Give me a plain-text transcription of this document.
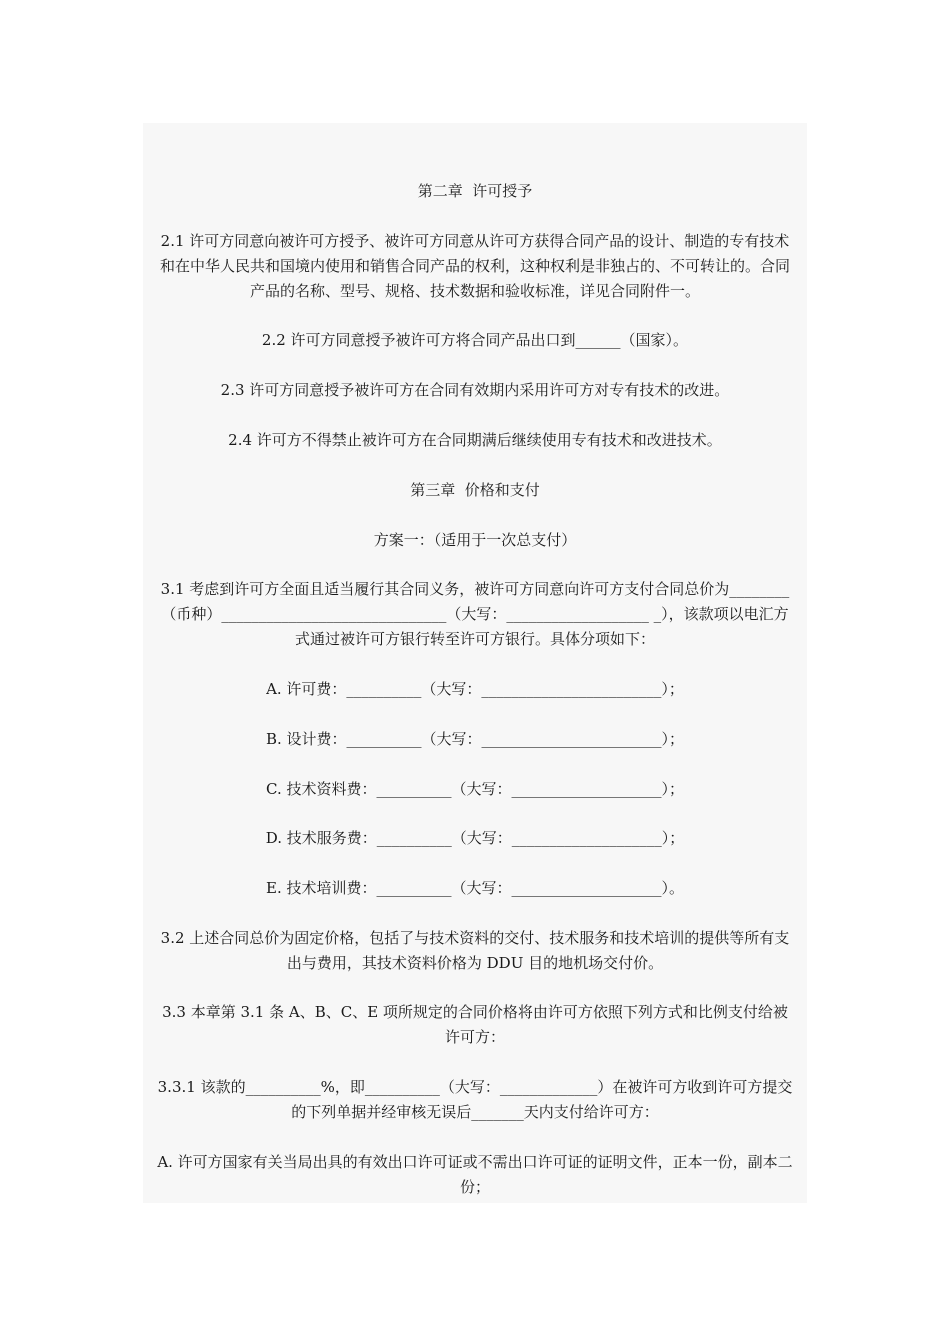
第二章  许可授予

2.1 许可方同意向被许可方授予、被许可方同意从许可方获得合同产品的设计、制造的专有技术和在中华人民共和国境内使用和销售合同产品的权利，这种权利是非独占的、不可转让的。合同产品的名称、型号、规格、技术数据和验收标准，详见合同附件一。

2.2 许可方同意授予被许可方将合同产品出口到______（国家）。

2.3 许可方同意授予被许可方在合同有效期内采用许可方对专有技术的改进。

2.4 许可方不得禁止被许可方在合同期满后继续使用专有技术和改进技术。

第三章  价格和支付

方案一：（适用于一次总支付）

3.1 考虑到许可方全面且适当履行其合同义务，被许可方同意向许可方支付合同总价为________（币种）______________________________（大写：___________________ _），该款项以电汇方式通过被许可方银行转至许可方银行。具体分项如下：

A. 许可费：__________（大写：________________________）；

B. 设计费：__________（大写：________________________）；

C. 技术资料费：__________（大写：____________________）；

D. 技术服务费：__________（大写：____________________）；

E. 技术培训费：__________（大写：____________________）。

3.2 上述合同总价为固定价格，包括了与技术资料的交付、技术服务和技术培训的提供等所有支出与费用，其技术资料价格为 DDU 目的地机场交付价。

3.3 本章第 3.1 条 A、B、C、E 项所规定的合同价格将由许可方依照下列方式和比例支付给被许可方：

3.3.1 该款的__________%，即__________（大写：_____________）在被许可方收到许可方提交的下列单据并经审核无误后_______天内支付给许可方：

A. 许可方国家有关当局出具的有效出口许可证或不需出口许可证的证明文件，正本一份，副本二份；
